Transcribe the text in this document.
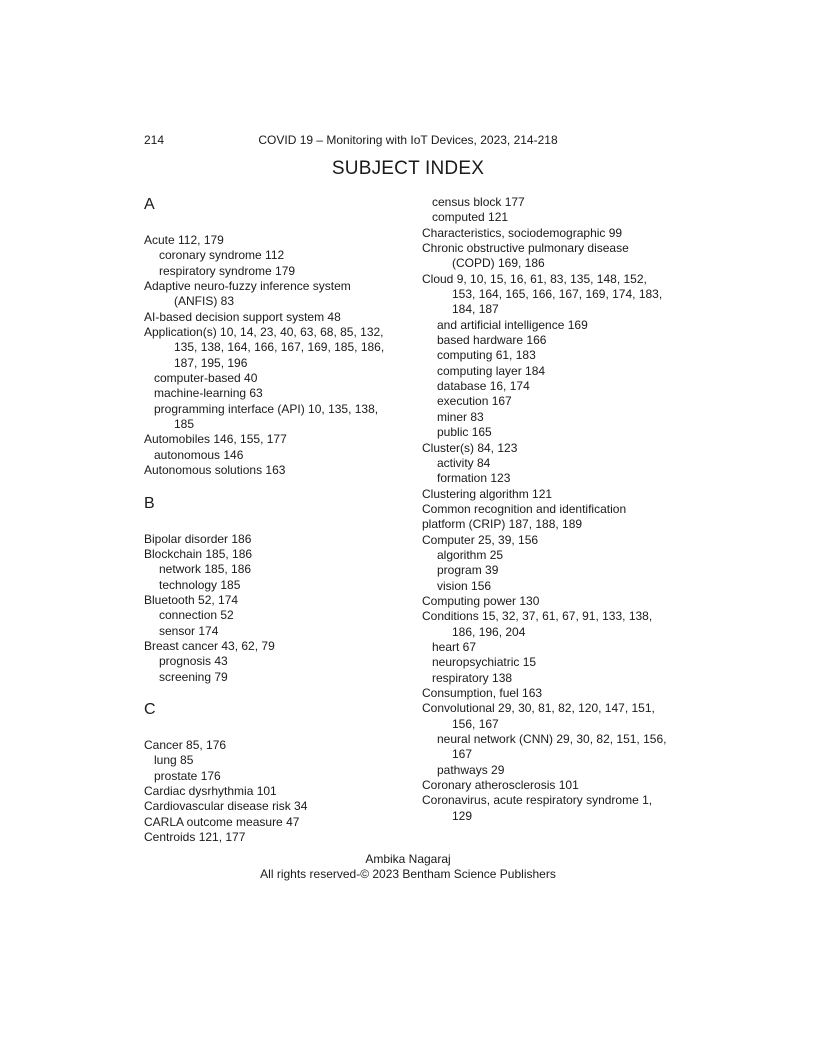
214	COVID 19 – Monitoring with IoT Devices, 2023, 214-218
SUBJECT INDEX
A
Acute 112, 179
coronary syndrome 112
respiratory syndrome 179
Adaptive neuro-fuzzy inference system
(ANFIS) 83
AI-based decision support system 48
Application(s) 10, 14, 23, 40, 63, 68, 85, 132,
135, 138, 164, 166, 167, 169, 185, 186,
187, 195, 196
computer-based 40
machine-learning 63
programming interface (API) 10, 135, 138,
185
Automobiles 146, 155, 177
autonomous 146
Autonomous solutions 163
B
Bipolar disorder 186
Blockchain 185, 186
network 185, 186
technology 185
Bluetooth 52, 174
connection 52
sensor 174
Breast cancer 43, 62, 79
prognosis 43
screening 79
C
Cancer 85, 176
lung 85
prostate 176
Cardiac dysrhythmia 101
Cardiovascular disease risk 34
CARLA outcome measure 47
Centroids 121, 177
census block 177
computed 121
Characteristics, sociodemographic 99
Chronic obstructive pulmonary disease
(COPD) 169, 186
Cloud 9, 10, 15, 16, 61, 83, 135, 148, 152,
153, 164, 165, 166, 167, 169, 174, 183,
184, 187
and artificial intelligence 169
based hardware 166
computing 61, 183
computing layer 184
database 16, 174
execution 167
miner 83
public 165
Cluster(s) 84, 123
activity 84
formation 123
Clustering algorithm 121
Common recognition and identification
platform (CRIP) 187, 188, 189
Computer 25, 39, 156
algorithm 25
program 39
vision 156
Computing power 130
Conditions 15, 32, 37, 61, 67, 91, 133, 138,
186, 196, 204
heart 67
neuropsychiatric 15
respiratory 138
Consumption, fuel 163
Convolutional 29, 30, 81, 82, 120, 147, 151,
156, 167
neural network (CNN) 29, 30, 82, 151, 156,
167
pathways 29
Coronary atherosclerosis 101
Coronavirus, acute respiratory syndrome 1,
129
Ambika Nagaraj
All rights reserved-© 2023 Bentham Science Publishers
